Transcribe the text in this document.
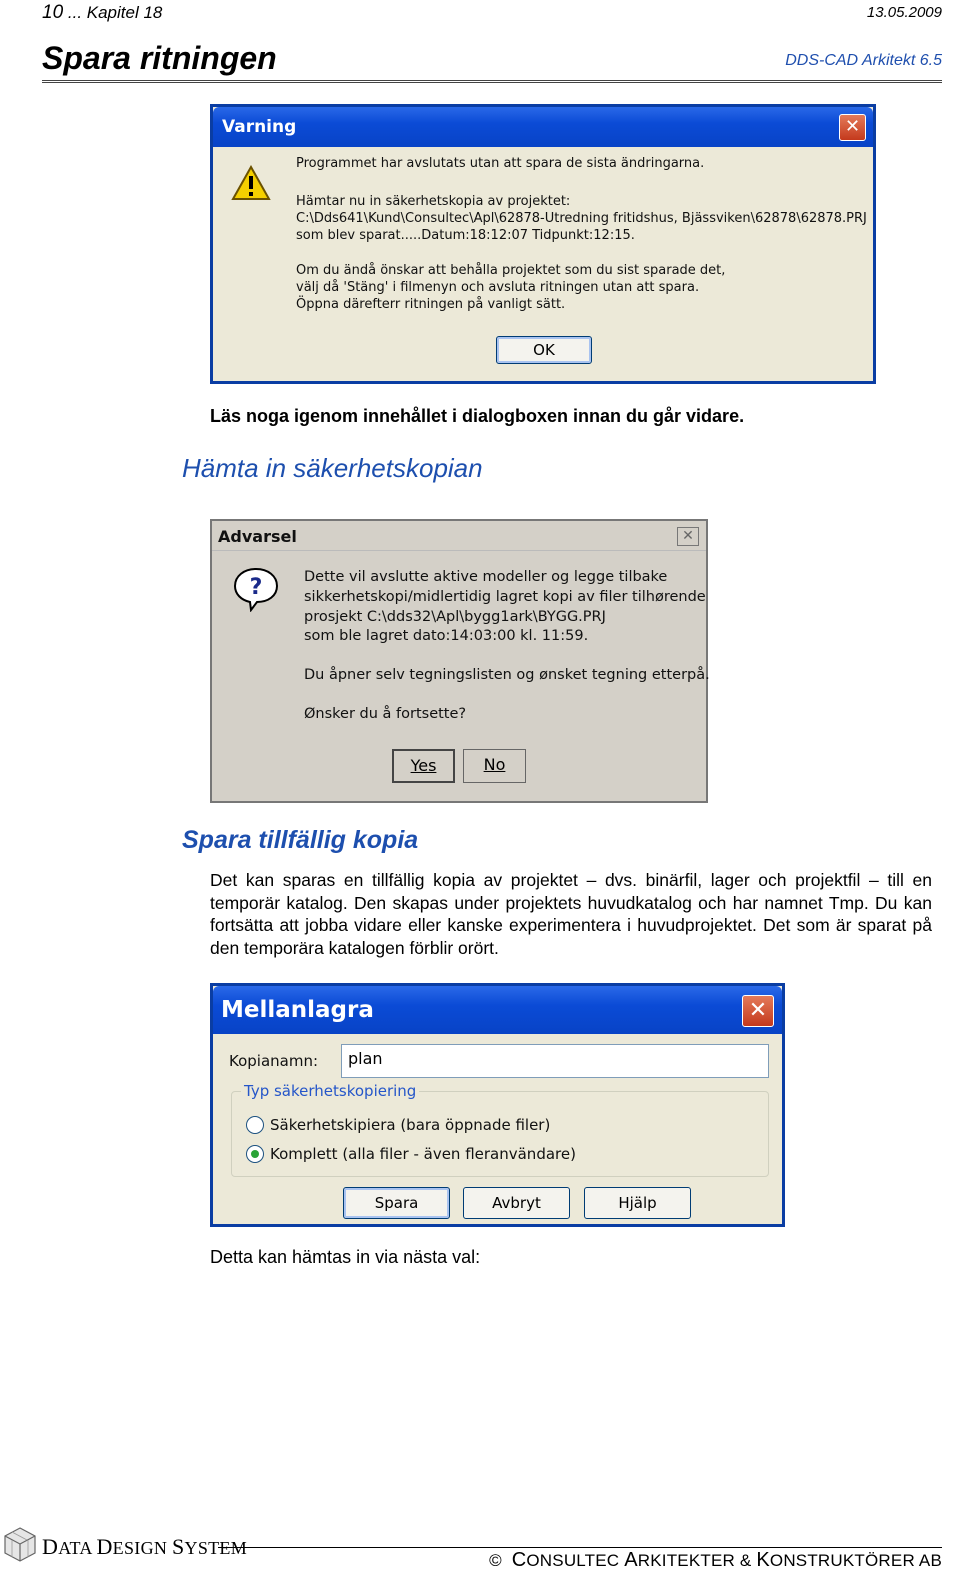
10 ... Kapitel 18	13.05.2009
Spara ritningen	DDS-CAD Arkitekt 6.5
Varning	✕
Programmet har avslutats utan att spara de sista ändringarna.
Hämtar nu in säkerhetskopia av projektet:
C:\Dds641\Kund\Consultec\Apl\62878-Utredning fritidshus, Bjässviken\62878\62878.PRJ
som blev sparat.....Datum:18:12:07 Tidpunkt:12:15.
Om du ändå önskar att behålla projektet som du sist sparade det,
välj då 'Stäng' i filmenyn och avsluta ritningen utan att spara.
Öppna därefterr ritningen på vanligt sätt.
OK
Läs noga igenom innehållet i dialogboxen innan du går vidare.
Hämta in säkerhetskopian
Advarsel	✕
?	Dette vil avslutte aktive modeller og legge tilbake
sikkerhetskopi/midlertidig lagret kopi av filer tilhørende
prosjekt C:\dds32\Apl\bygg1ark\BYGG.PRJ
som ble lagret dato:14:03:00 kl. 11:59.
Du åpner selv tegningslisten og ønsket tegning etterpå.
Ønsker du å fortsette?
Yes	No
Spara tillfällig kopia
Det kan sparas en tillfällig kopia av projektet – dvs. binärfil, lager och projektfil – till en temporär katalog. Den skapas under projektets huvudkatalog och har namnet Tmp. Du kan fortsätta att jobba vidare eller kanske experimentera i huvudprojektet. Det som är sparat på den temporära katalogen förblir orört.
Mellanlagra	✕
Kopianamn:	plan
Typ säkerhetskopiering
Säkerhetskipiera (bara öppnade filer)
Komplett (alla filer - även fleranvändare)
Spara	Avbryt	Hjälp
Detta kan hämtas in via nästa val:
DATA DESIGN SYSTEM
© CONSULTEC ARKITEKTER & KONSTRUKTÖRER AB
